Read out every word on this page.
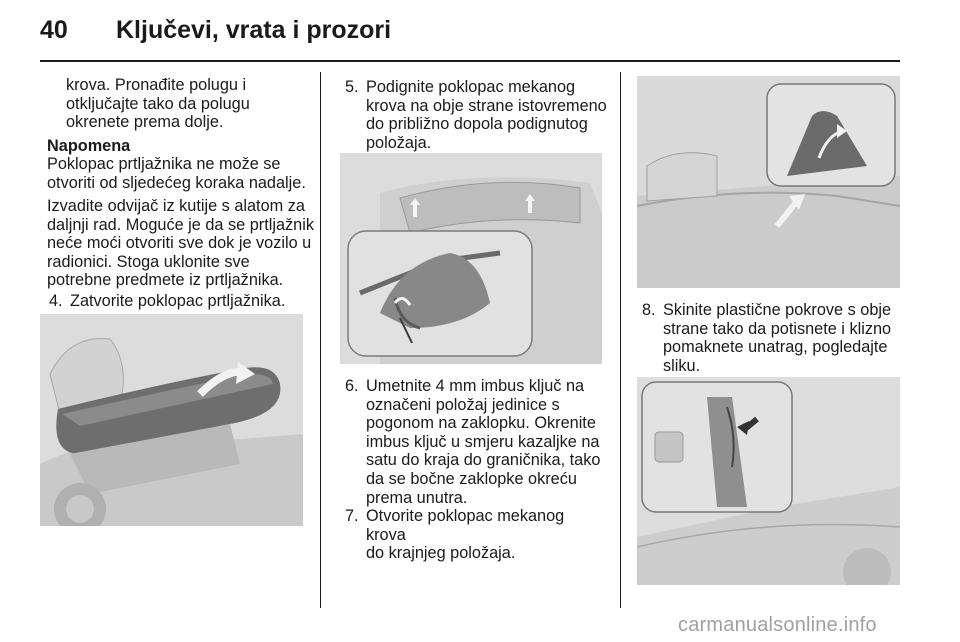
40 Ključevi, vrata i prozori
krova. Pronađite polugu i
otključajte tako da polugu
okrenete prema dolje.
Napomena
Poklopac prtljažnika ne može se
otvoriti od sljedećeg koraka nadalje.
Izvadite odvijač iz kutije s alatom za
daljnji rad. Moguće je da se prtljažnik
neće moći otvoriti sve dok je vozilo u
radionici. Stoga uklonite sve
potrebne predmete iz prtljažnika.
4. Zatvorite poklopac prtljažnika.
5. Podignite poklopac mekanog
krova na obje strane istovremeno
do približno dopola podignutog
položaja.
6. Umetnite 4 mm imbus ključ na
označeni položaj jedinice s
pogonom na zaklopku. Okrenite
imbus ključ u smjeru kazaljke na
satu do kraja do graničnika, tako
da se bočne zaklopke okreću
prema unutra.
7. Otvorite poklopac mekanog krova
do krajnjeg položaja.
8. Skinite plastične pokrove s obje
strane tako da potisnete i klizno
pomaknete unatrag, pogledajte
sliku.
carmanualsonline.info
